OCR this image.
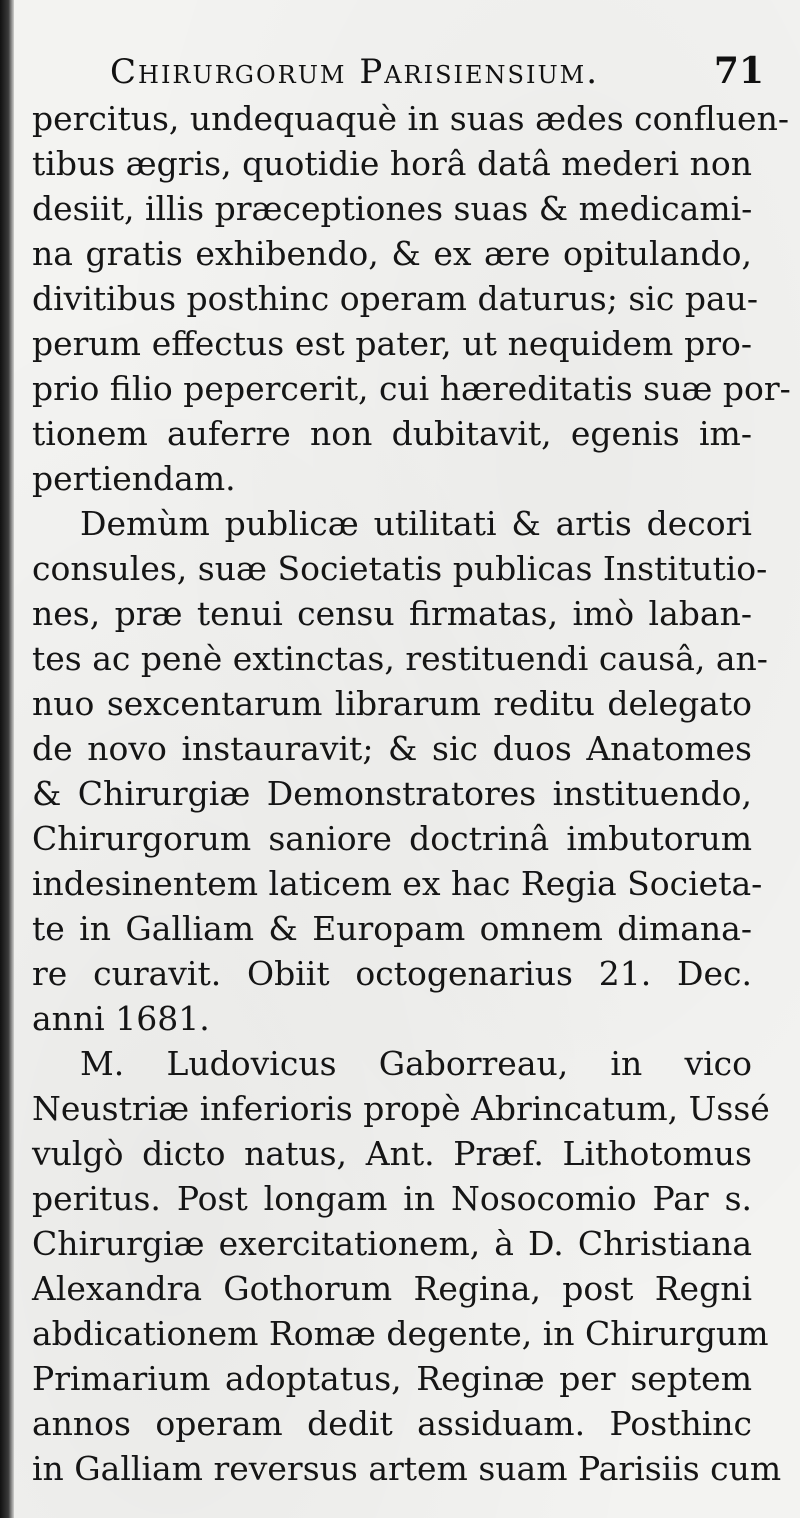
Chirurgorum Parisiensium.	71
percitus, undequaquè in suas ædes confluen-
tibus ægris, quotidie horâ datâ mederi non
desiit, illis præceptiones suas & medicami-
na gratis exhibendo, & ex ære opitulando,
divitibus posthinc operam daturus; sic pau-
perum effectus est pater, ut nequidem pro-
prio filio pepercerit, cui hæreditatis suæ por-
tionem auferre non dubitavit, egenis im-
pertiendam.
Demùm publicæ utilitati & artis decori
consules, suæ Societatis publicas Institutio-
nes, præ tenui censu firmatas, imò laban-
tes ac penè extinctas, restituendi causâ, an-
nuo sexcentarum librarum reditu delegato
de novo instauravit; & sic duos Anatomes
& Chirurgiæ Demonstratores instituendo,
Chirurgorum saniore doctrinâ imbutorum
indesinentem laticem ex hac Regia Societa-
te in Galliam & Europam omnem dimana-
re curavit. Obiit octogenarius 21. Dec.
anni 1681.
M. Ludovicus Gaborreau, in vico
Neustriæ inferioris propè Abrincatum, Ussé
vulgò dicto natus, Ant. Præf. Lithotomus
peritus. Post longam in Nosocomio Par s.
Chirurgiæ exercitationem, à D. Christiana
Alexandra Gothorum Regina, post Regni
abdicationem Romæ degente, in Chirurgum
Primarium adoptatus, Reginæ per septem
annos operam dedit assiduam. Posthinc
in Galliam reversus artem suam Parisiis cum
